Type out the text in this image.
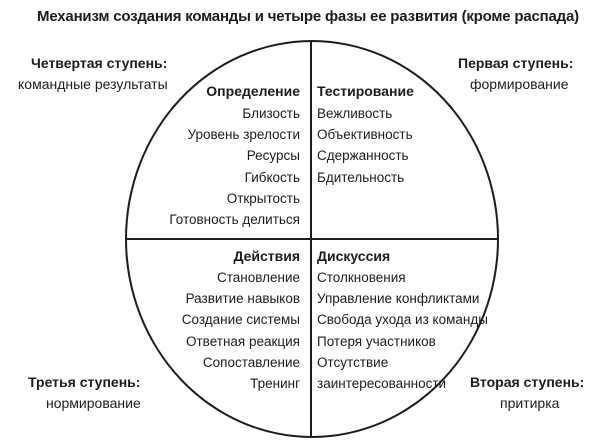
Механизм создания команды и четыре фазы ее развития (кроме распада)
Четвертая ступень:
командные результаты
Первая ступень:
формирование
Третья ступень:
нормирование
Вторая ступень:
притирка
Определение
Близость
Уровень зрелости
Ресурсы
Гибкость
Открытость
Готовность делиться
Тестирование
Вежливость
Объективность
Сдержанность
Бдительность
Действия
Становление
Развитие навыков
Создание системы
Ответная реакция
Сопоставление
Тренинг
Дискуссия
Столкновения
Управление конфликтами
Свобода ухода из команды
Потеря участников
Отсутствие
заинтересованности
